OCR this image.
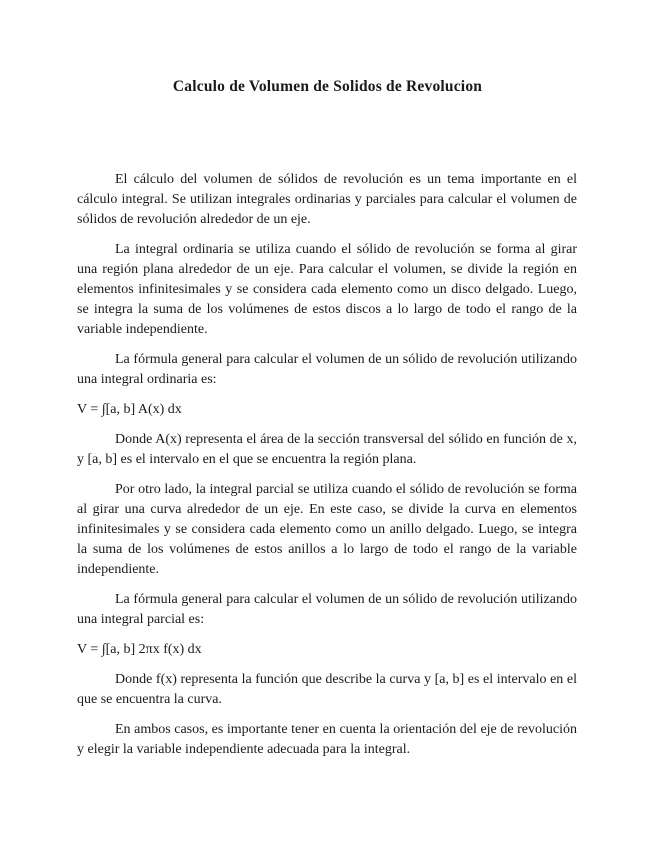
Calculo de Volumen de Solidos de Revolucion

El cálculo del volumen de sólidos de revolución es un tema importante en el cálculo integral. Se utilizan integrales ordinarias y parciales para calcular el volumen de sólidos de revolución alrededor de un eje.

La integral ordinaria se utiliza cuando el sólido de revolución se forma al girar una región plana alrededor de un eje. Para calcular el volumen, se divide la región en elementos infinitesimales y se considera cada elemento como un disco delgado. Luego, se integra la suma de los volúmenes de estos discos a lo largo de todo el rango de la variable independiente.

La fórmula general para calcular el volumen de un sólido de revolución utilizando una integral ordinaria es:

V = ∫[a, b] A(x) dx

Donde A(x) representa el área de la sección transversal del sólido en función de x, y [a, b] es el intervalo en el que se encuentra la región plana.

Por otro lado, la integral parcial se utiliza cuando el sólido de revolución se forma al girar una curva alrededor de un eje. En este caso, se divide la curva en elementos infinitesimales y se considera cada elemento como un anillo delgado. Luego, se integra la suma de los volúmenes de estos anillos a lo largo de todo el rango de la variable independiente.

La fórmula general para calcular el volumen de un sólido de revolución utilizando una integral parcial es:

V = ∫[a, b] 2πx f(x) dx

Donde f(x) representa la función que describe la curva y [a, b] es el intervalo en el que se encuentra la curva.

En ambos casos, es importante tener en cuenta la orientación del eje de revolución y elegir la variable independiente adecuada para la integral.
